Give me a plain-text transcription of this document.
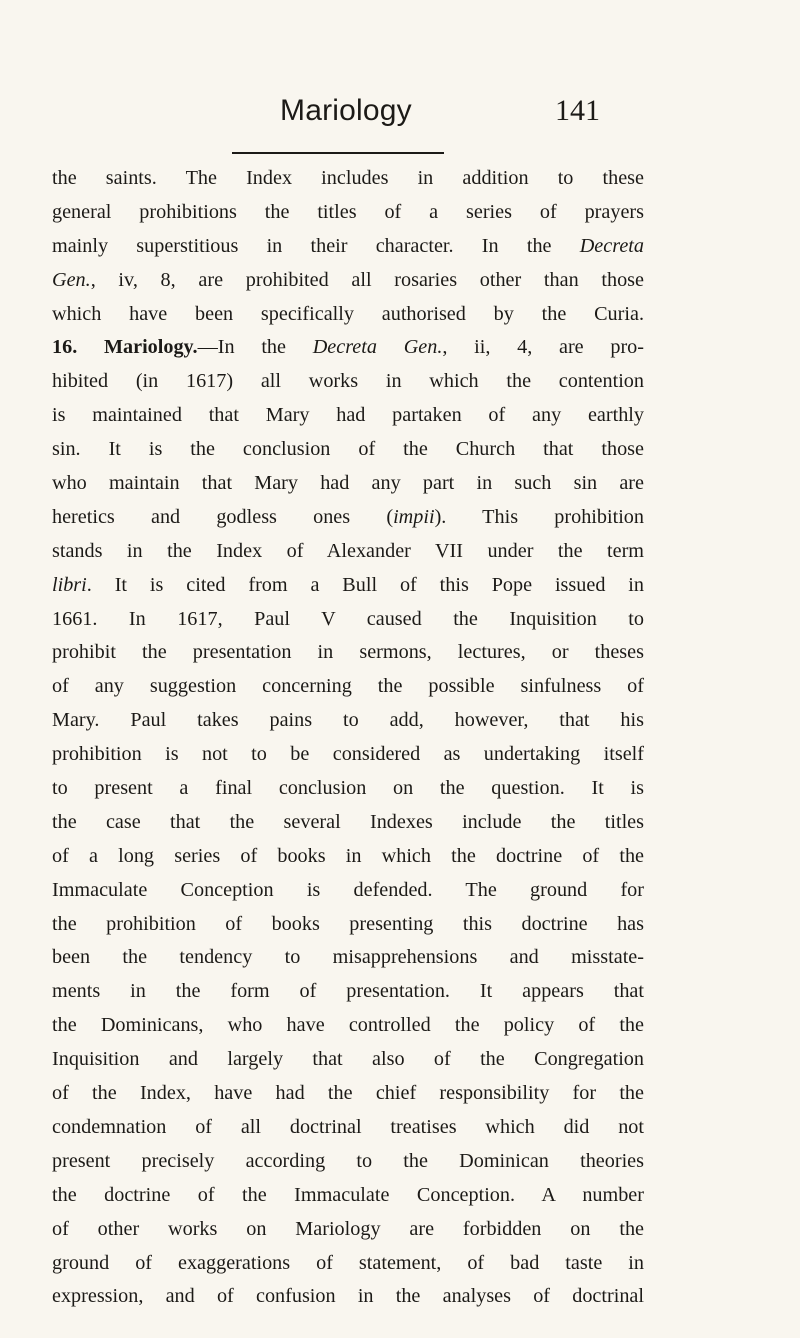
Mariology	141
the saints. The Index includes in addition to these
general prohibitions the titles of a series of prayers
mainly superstitious in their character. In the Decreta
Gen., iv, 8, are prohibited all rosaries other than those
which have been specifically authorised by the Curia.
16. Mariology.—In the Decreta Gen., ii, 4, are pro-
hibited (in 1617) all works in which the contention
is maintained that Mary had partaken of any earthly
sin. It is the conclusion of the Church that those
who maintain that Mary had any part in such sin are
heretics and godless ones (impii). This prohibition
stands in the Index of Alexander VII under the term
libri. It is cited from a Bull of this Pope issued in
1661. In 1617, Paul V caused the Inquisition to
prohibit the presentation in sermons, lectures, or theses
of any suggestion concerning the possible sinfulness of
Mary. Paul takes pains to add, however, that his
prohibition is not to be considered as undertaking itself
to present a final conclusion on the question. It is
the case that the several Indexes include the titles
of a long series of books in which the doctrine of the
Immaculate Conception is defended. The ground for
the prohibition of books presenting this doctrine has
been the tendency to misapprehensions and misstate-
ments in the form of presentation. It appears that
the Dominicans, who have controlled the policy of the
Inquisition and largely that also of the Congregation
of the Index, have had the chief responsibility for the
condemnation of all doctrinal treatises which did not
present precisely according to the Dominican theories
the doctrine of the Immaculate Conception. A number
of other works on Mariology are forbidden on the
ground of exaggerations of statement, of bad taste in
expression, and of confusion in the analyses of doctrinal
